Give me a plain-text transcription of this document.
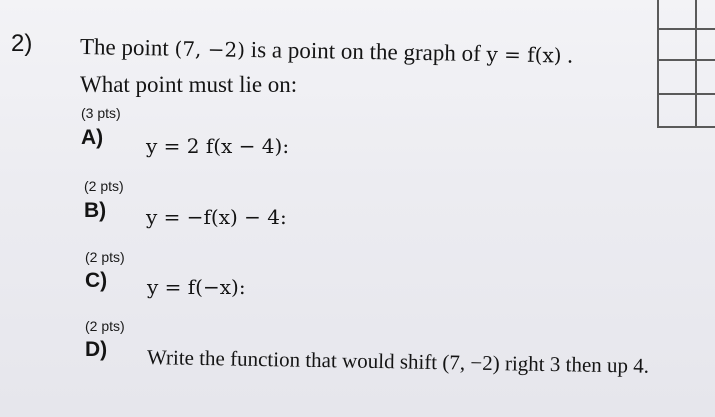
2) The point (7, −2) is a point on the graph of y = f(x) .
What point must lie on:
(3 pts)
A) y = 2 f(x − 4):
(2 pts)
B) y = −f(x) − 4:
(2 pts)
C) y = f(−x):
(2 pts)
D) Write the function that would shift (7, −2) right 3 then up 4.
